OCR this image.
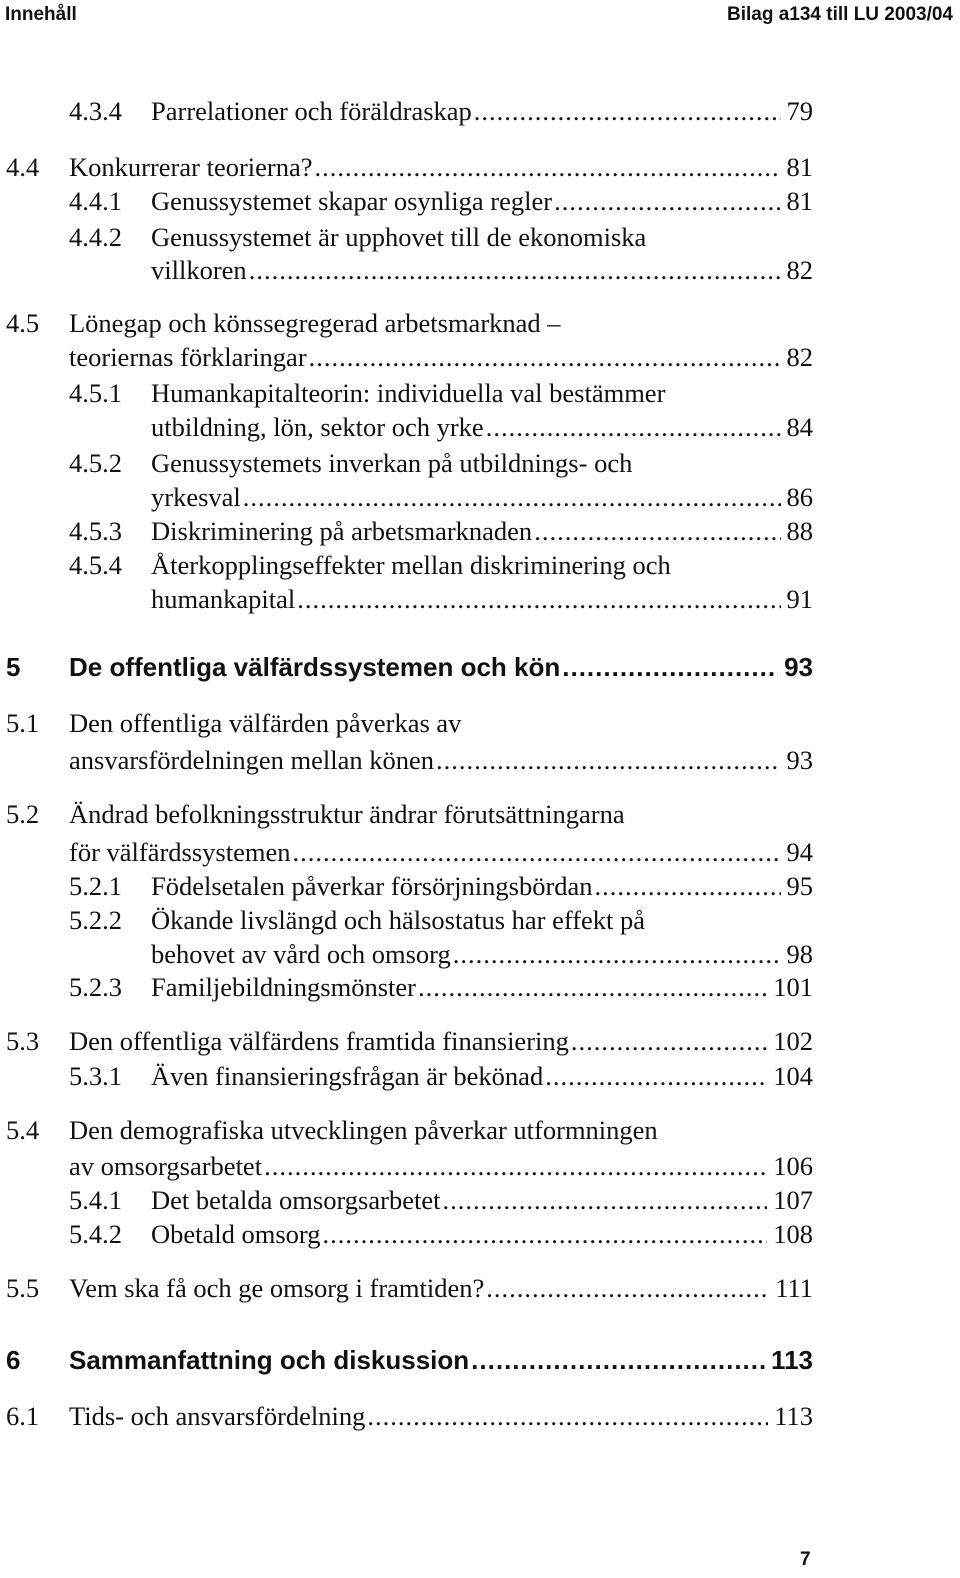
Innehåll	Bilag a134 till LU 2003/04
4.3.4 Parrelationer och föräldraskap .....	79
4.4 Konkurrerar teorierna? .....	81
4.4.1 Genussystemet skapar osynliga regler .....	81
4.4.2 Genussystemet är upphovet till de ekonomiska
villkoren .....	82
4.5 Lönegap och könssegregerad arbetsmarknad –
teoriernas förklaringar .....	82
4.5.1 Humankapitalteorin: individuella val bestämmer
utbildning, lön, sektor och yrke .....	84
4.5.2 Genussystemets inverkan på utbildnings- och
yrkesval .....	86
4.5.3 Diskriminering på arbetsmarknaden .....	88
4.5.4 Återkopplingseffekter mellan diskriminering och
humankapital .....	91
5 De offentliga välfärdssystemen och kön .....	93
5.1 Den offentliga välfärden påverkas av
ansvarsfördelningen mellan könen .....	93
5.2 Ändrad befolkningsstruktur ändrar förutsättningarna
för välfärdssystemen .....	94
5.2.1 Födelsetalen påverkar försörjningsbördan .....	95
5.2.2 Ökande livslängd och hälsostatus har effekt på
behovet av vård och omsorg .....	98
5.2.3 Familjebildningsmönster .....	101
5.3 Den offentliga välfärdens framtida finansiering .....	102
5.3.1 Även finansieringsfrågan är bekönad .....	104
5.4 Den demografiska utvecklingen påverkar utformningen
av omsorgsarbetet .....	106
5.4.1 Det betalda omsorgsarbetet .....	107
5.4.2 Obetald omsorg .....	108
5.5 Vem ska få och ge omsorg i framtiden? .....	111
6 Sammanfattning och diskussion .....	113
6.1 Tids- och ansvarsfördelning .....	113
7
